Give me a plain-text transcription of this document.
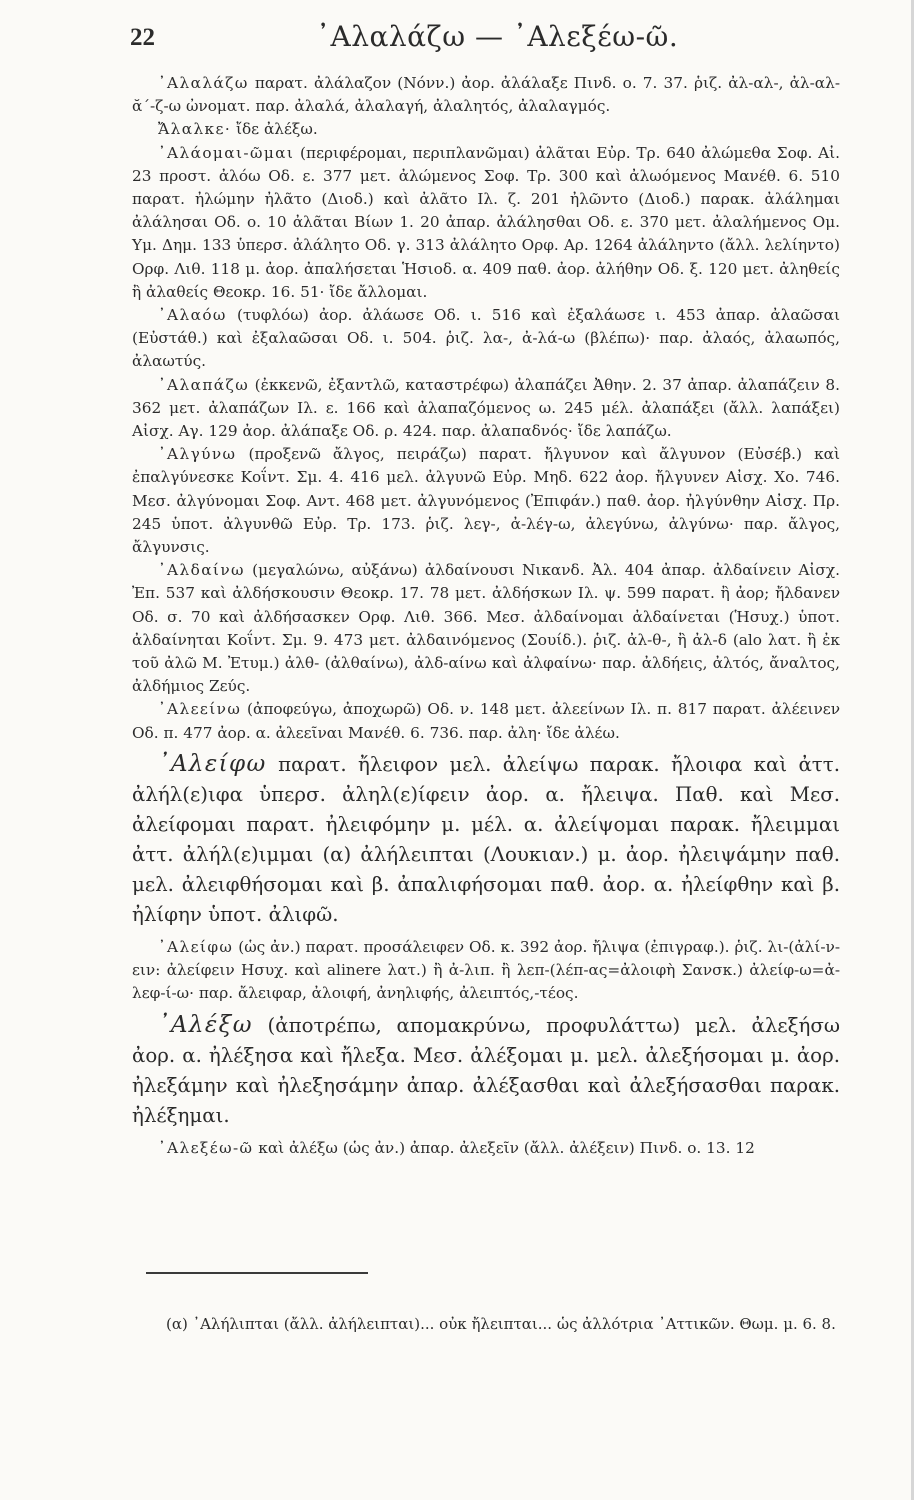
22	᾿Αλαλάζω — ᾿Αλεξέω-ῶ.

᾿Αλαλάζω παρατ. ἀλάλαζον (Νόνν.) ἀορ. ἀλάλαξε Πινδ. ο. 7. 37. ῥιζ. ἀλ-αλ-, ἀλ-αλ-ᾰ΄-ζ-ω ὠνοματ. παρ. ἀλαλά, ἀλαλαγή, ἀλαλητός, ἀλαλαγμός.

Ἄλαλκε· ἴδε ἀλέξω.

᾿Αλάομαι-ῶμαι (περιφέρομαι, περιπλανῶμαι) ἀλᾶται Εὐρ. Τρ. 640 ἀλώμεθα Σοφ. Αἰ. 23 προστ. ἀλόω Οδ. ε. 377 μετ. ἀλώμενος Σοφ. Τρ. 300 καὶ ἀλωόμενος Μανέθ. 6. 510 παρατ. ἠλώμην ἠλᾶτο (Διοδ.) καὶ ἀλᾶτο Ιλ. ζ. 201 ἠλῶντο (Διοδ.) παρακ. ἀλάλημαι ἀλάλησαι Οδ. ο. 10 ἀλᾶται Βίων 1. 20 ἀπαρ. ἀλάλησθαι Οδ. ε. 370 μετ. ἀλαλήμενος Ομ. Υμ. Δημ. 133 ὑπερσ. ἀλάλητο Οδ. γ. 313 ἀλάλητο Ορφ. Αρ. 1264 ἀλάληντο (ἄλλ. λελίηντο) Ορφ. Λιθ. 118 μ. ἀορ. ἀπαλήσεται Ἡσιοδ. α. 409 παθ. ἀορ. ἀλήθην Οδ. ξ. 120 μετ. ἀληθείς ἢ ἀλαθείς Θεοκρ. 16. 51· ἴδε ἄλλομαι.

᾿Αλαόω (τυφλόω) ἀορ. ἀλάωσε Οδ. ι. 516 καὶ ἐξαλάωσε ι. 453 ἀπαρ. ἀλαῶσαι (Εὐστάθ.) καὶ ἐξαλαῶσαι Οδ. ι. 504. ῥιζ. λα-, ἀ-λά-ω (βλέπω)· παρ. ἀλαός, ἀλαωπός, ἀλαωτύς.

᾿Αλαπάζω (ἐκκενῶ, ἐξαντλῶ, καταστρέφω) ἀλαπάζει Ἀθην. 2. 37 ἀπαρ. ἀλαπάζειν 8. 362 μετ. ἀλαπάζων Ιλ. ε. 166 καὶ ἀλαπαζόμενος ω. 245 μέλ. ἀλαπάξει (ἄλλ. λαπάξει) Αἰσχ. Αγ. 129 ἀορ. ἀλάπαξε Οδ. ρ. 424. παρ. ἀλαπαδνός· ἴδε λαπάζω.

᾿Αλγύνω (προξενῶ ἄλγος, πειράζω) παρατ. ἤλγυνον καὶ ἄλγυνον (Εὐσέβ.) καὶ ἐπαλγύνεσκε Κοΐντ. Σμ. 4. 416 μελ. ἀλγυνῶ Εὐρ. Μηδ. 622 ἀορ. ἤλγυνεν Αἰσχ. Χο. 746. Μεσ. ἀλγύνομαι Σοφ. Αντ. 468 μετ. ἀλγυνόμενος (Ἐπιφάν.) παθ. ἀορ. ἠλγύνθην Αἰσχ. Πρ. 245 ὑποτ. ἀλγυνθῶ Εὐρ. Τρ. 173. ῥιζ. λεγ-, ἀ-λέγ-ω, ἀλεγύνω, ἀλγύνω· παρ. ἄλγος, ἄλγυνσις.

᾿Αλδαίνω (μεγαλώνω, αὐξάνω) ἀλδαίνουσι Νικανδ. Ἀλ. 404 ἀπαρ. ἀλδαίνειν Αἰσχ. Ἐπ. 537 καὶ ἀλδήσκουσιν Θεοκρ. 17. 78 μετ. ἀλδήσκων Ιλ. ψ. 599 παρατ. ἢ ἀορ; ἤλδανεν Οδ. σ. 70 καὶ ἀλδήσασκεν Ορφ. Λιθ. 366. Μεσ. ἀλδαίνομαι ἀλδαίνεται (Ἡσυχ.) ὑποτ. ἀλδαίνηται Κοΐντ. Σμ. 9. 473 μετ. ἀλδαινόμενος (Σουίδ.). ῥιζ. ἀλ-θ-, ἢ ἀλ-δ (alo λατ. ἢ ἐκ τοῦ ἀλῶ Μ. Ἐτυμ.) ἀλθ- (ἀλθαίνω), ἀλδ-αίνω καὶ ἀλφαίνω· παρ. ἀλδήεις, ἀλτός, ἄναλτος, ἀλδήμιος Ζεύς.

᾿Αλεείνω (ἀποφεύγω, ἀποχωρῶ) Οδ. ν. 148 μετ. ἀλεείνων Ιλ. π. 817 παρατ. ἀλέεινεν Οδ. π. 477 ἀορ. α. ἀλεεῖναι Μανέθ. 6. 736. παρ. ἀλη· ἴδε ἀλέω.

᾿Αλείφω παρατ. ἤλειφον μελ. ἀλείψω παρακ. ἤλοιφα καὶ ἀττ. ἀλήλ(ε)ιφα ὑπερσ. ἀληλ(ε)ίφειν ἀορ. α. ἤλειψα. Παθ. καὶ Μεσ. ἀλείφομαι παρατ. ἠλειφόμην μ. μέλ. α. ἀλείψομαι παρακ. ἤλειμμαι ἀττ. ἀλήλ(ε)ιμμαι (α) ἀλήλειπται (Λουκιαν.) μ. ἀορ. ἠλειψάμην παθ. μελ. ἀλειφθήσομαι καὶ β. ἀπαλιφήσομαι παθ. ἀορ. α. ἠλείφθην καὶ β. ἠλίφην ὑποτ. ἀλιφῶ.

᾿Αλείφω (ὡς ἀν.) παρατ. προσάλειφεν Οδ. κ. 392 ἀορ. ἤλιψα (ἐπιγραφ.). ῥιζ. λι-(ἀλί-ν-ειν: ἀλείφειν Ησυχ. καὶ alinere λατ.) ἢ ἀ-λιπ. ἢ λεπ-(λέπ-ας=ἀλοιφὴ Σανσκ.) ἀλείφ-ω=ἀ-λεφ-ί-ω· παρ. ἄλειφαρ, ἀλοιφή, ἀνηλιφής, ἀλειπτός,-τέος.

᾿Αλέξω (ἀποτρέπω, απομακρύνω, προφυλάττω) μελ. ἀλεξήσω ἀορ. α. ἠλέξησα καὶ ἤλεξα. Μεσ. ἀλέξομαι μ. μελ. ἀλεξήσομαι μ. ἀορ. ἠλεξάμην καὶ ἠλεξησάμην ἀπαρ. ἀλέξασθαι καὶ ἀλεξήσασθαι παρακ. ἠλέξημαι.

᾿Αλεξέω-ῶ καὶ ἀλέξω (ὡς ἀν.) ἀπαρ. ἀλεξεῖν (ἄλλ. ἀλέξειν) Πινδ. ο. 13. 12

(α) ᾿Αλήλιπται (ἄλλ. ἀλήλειπται)... οὐκ ἤλειπται... ὡς ἀλλότρια ᾿Αττικῶν. Θωμ. μ. 6. 8.
